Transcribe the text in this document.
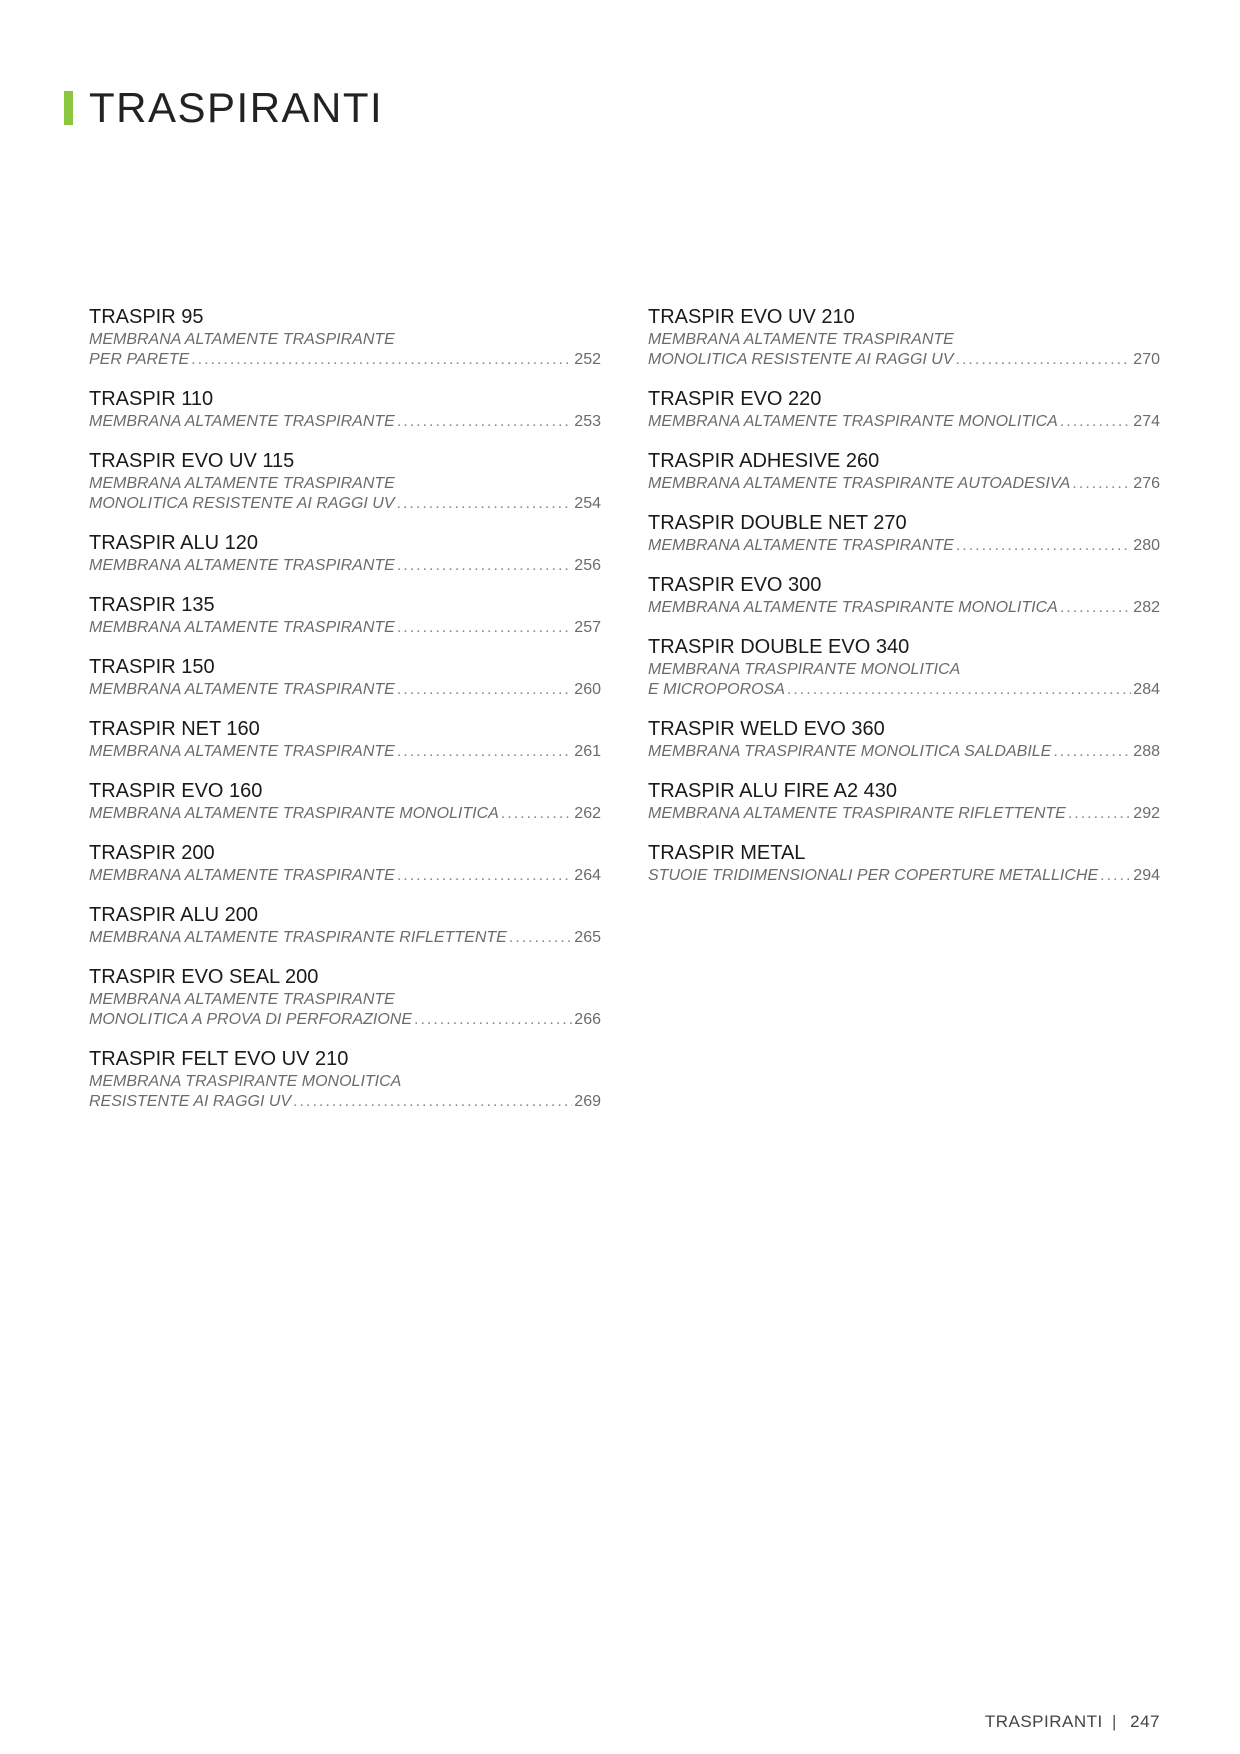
TRASPIRANTI
TRASPIR 95
MEMBRANA ALTAMENTE TRASPIRANTE
PER PARETE .....	252
TRASPIR 110
MEMBRANA ALTAMENTE TRASPIRANTE .....	253
TRASPIR EVO UV 115
MEMBRANA ALTAMENTE TRASPIRANTE
MONOLITICA RESISTENTE AI RAGGI UV .....	254
TRASPIR ALU 120
MEMBRANA ALTAMENTE TRASPIRANTE .....	256
TRASPIR 135
MEMBRANA ALTAMENTE TRASPIRANTE .....	257
TRASPIR 150
MEMBRANA ALTAMENTE TRASPIRANTE .....	260
TRASPIR NET 160
MEMBRANA ALTAMENTE TRASPIRANTE .....	261
TRASPIR EVO 160
MEMBRANA ALTAMENTE TRASPIRANTE MONOLITICA .....	262
TRASPIR 200
MEMBRANA ALTAMENTE TRASPIRANTE .....	264
TRASPIR ALU 200
MEMBRANA ALTAMENTE TRASPIRANTE RIFLETTENTE .....	265
TRASPIR EVO SEAL 200
MEMBRANA ALTAMENTE TRASPIRANTE
MONOLITICA A PROVA DI PERFORAZIONE .....	266
TRASPIR FELT EVO UV 210
MEMBRANA TRASPIRANTE MONOLITICA
RESISTENTE AI RAGGI UV .....	269
TRASPIR EVO UV 210
MEMBRANA ALTAMENTE TRASPIRANTE
MONOLITICA RESISTENTE AI RAGGI UV .....	270
TRASPIR EVO 220
MEMBRANA ALTAMENTE TRASPIRANTE MONOLITICA .....	274
TRASPIR ADHESIVE 260
MEMBRANA ALTAMENTE TRASPIRANTE AUTOADESIVA .....	276
TRASPIR DOUBLE NET 270
MEMBRANA ALTAMENTE TRASPIRANTE .....	280
TRASPIR EVO 300
MEMBRANA ALTAMENTE TRASPIRANTE MONOLITICA .....	282
TRASPIR DOUBLE EVO 340
MEMBRANA TRASPIRANTE MONOLITICA
E MICROPOROSA .....	284
TRASPIR WELD EVO 360
MEMBRANA TRASPIRANTE MONOLITICA SALDABILE .....	288
TRASPIR ALU FIRE A2 430
MEMBRANA ALTAMENTE TRASPIRANTE RIFLETTENTE .....	292
TRASPIR METAL
STUOIE TRIDIMENSIONALI PER COPERTURE METALLICHE ..... 294
TRASPIRANTI | 247
